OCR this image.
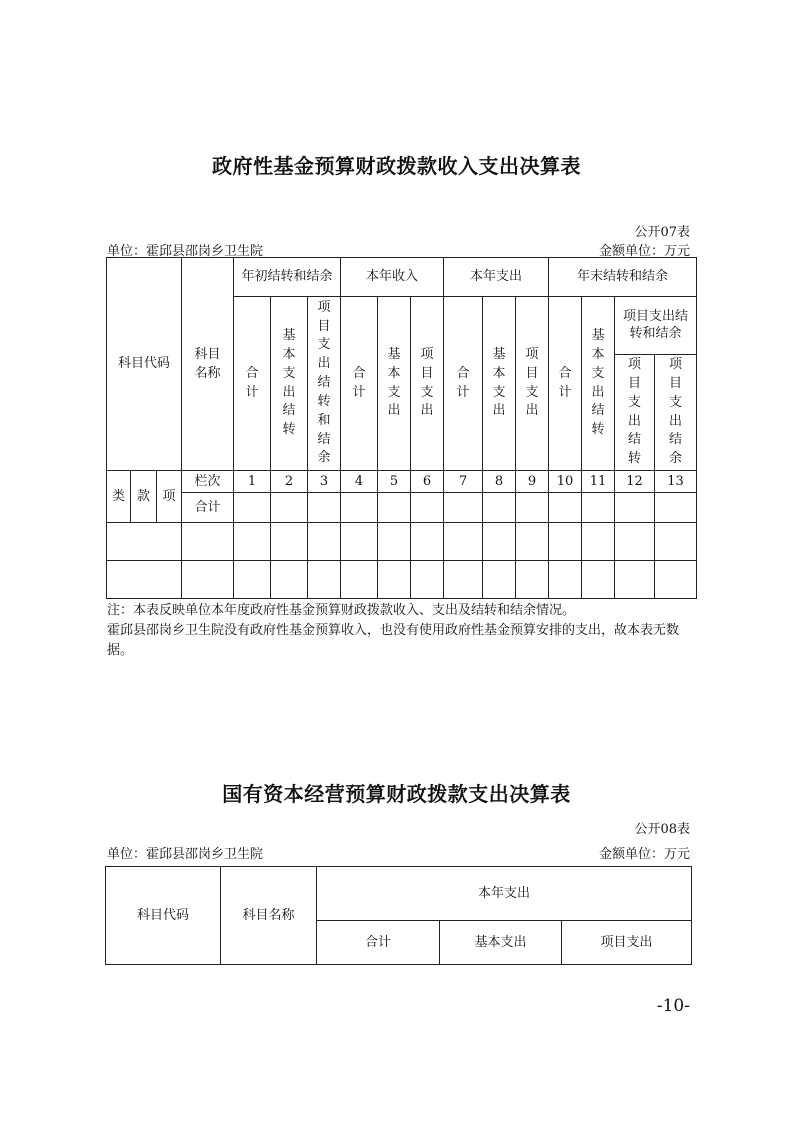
政府性基金预算财政拨款收入支出决算表
公开07表
单位：霍邱县邵岗乡卫生院	金额单位：万元
科目代码			科目名称	年初结转和结余			本年收入			本年支出			年末结转和结余			
				合计	基本支出结转	项目支出结转和结余	合计	基本支出	项目支出	合计	基本支出	项目支出	合计	基本支出结转	项目支出结转和结余	
															项目支出结转	项目支出结余
类	款	项	栏次	1	2	3	4	5	6	7	8	9	10	11	12	13
			合计													

注：本表反映单位本年度政府性基金预算财政拨款收入、支出及结转和结余情况。
霍邱县邵岗乡卫生院没有政府性基金预算收入，也没有使用政府性基金预算安排的支出，故本表无数据。
国有资本经营预算财政拨款支出决算表
公开08表
单位：霍邱县邵岗乡卫生院	金额单位：万元
科目代码	科目名称	本年支出		
		合计	基本支出	项目支出
-10-
